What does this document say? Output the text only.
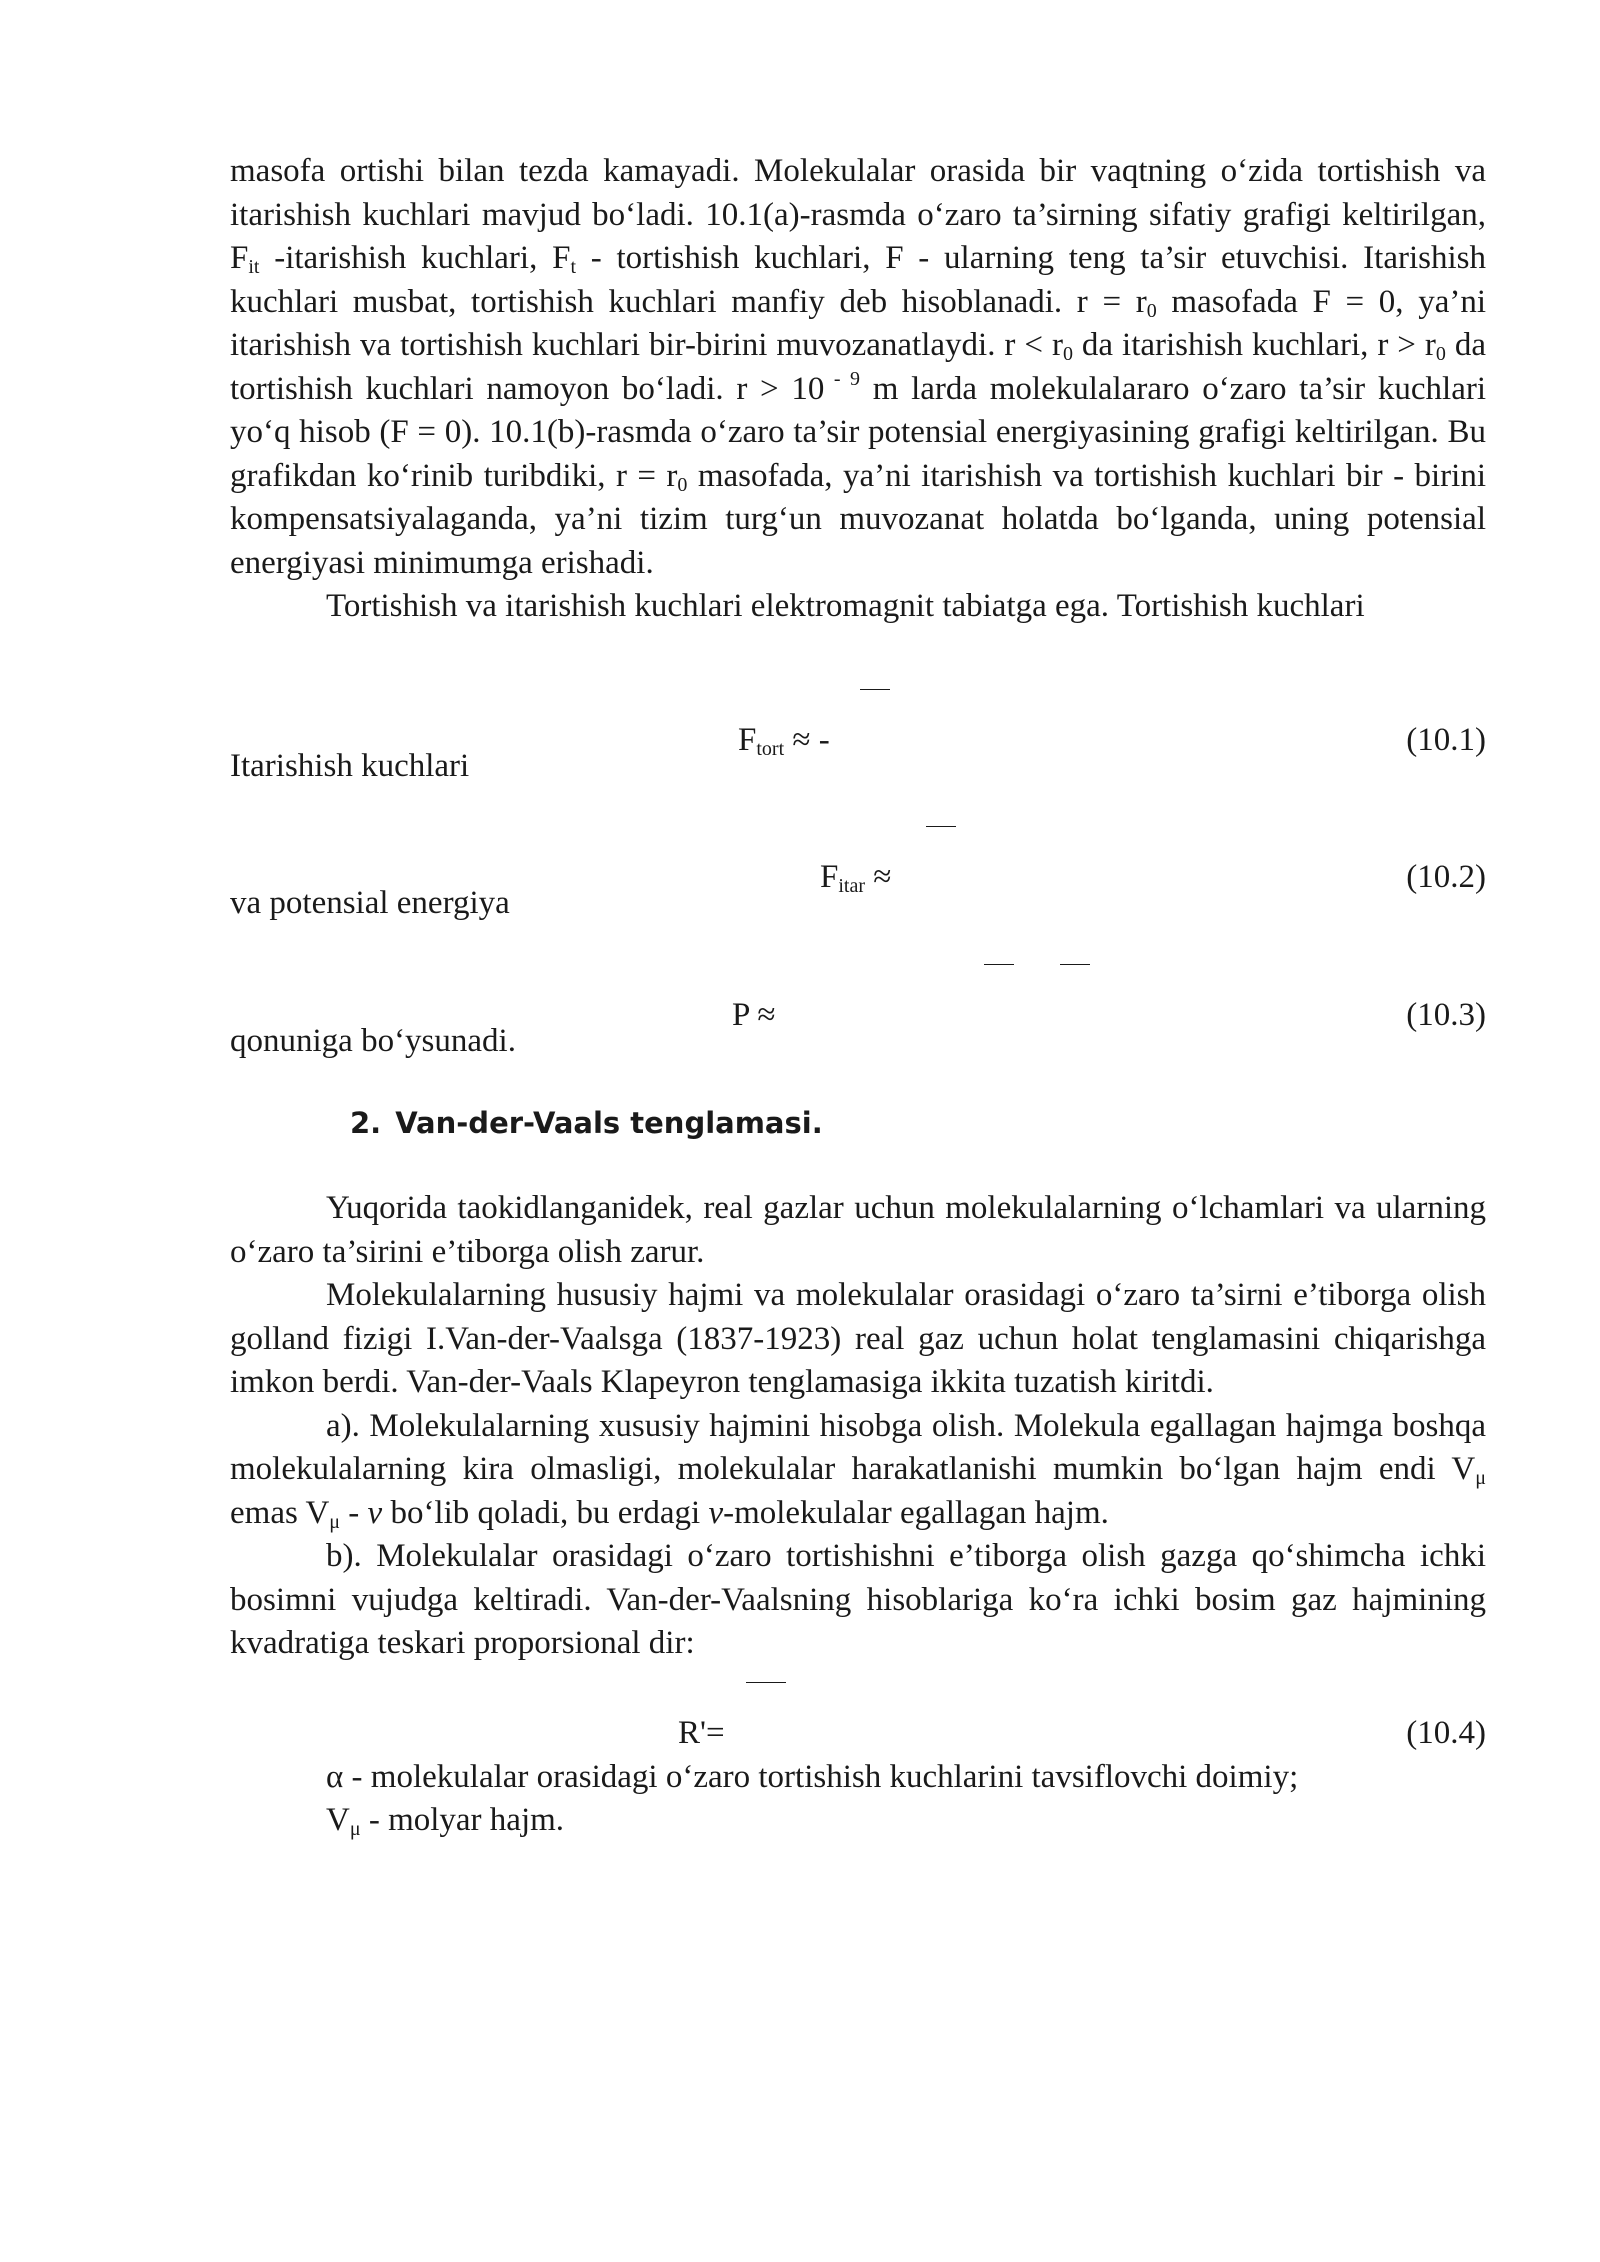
masofa ortishi bilan tezda kamayadi. Molekulalar orasida bir vaqtning o‘zida tortishish va itarishish kuchlari mavjud bo‘ladi. 10.1(a)-rasmda o‘zaro ta’sirning sifatiy grafigi keltirilgan, $F_{it}$ -itarishish kuchlari, $F_t$ - tortishish kuchlari, F - ularning teng ta’sir etuvchisi. Itarishish kuchlari musbat, tortishish kuchlari manfiy deb hisoblanadi. $r = r_0$ masofada F = 0, ya’ni itarishish va tortishish kuchlari bir-birini muvozanatlaydi. $r < r_0$ da itarishish kuchlari, $r > r_0$ da tortishish kuchlari namoyon bo‘ladi. r > 10 $^{- 9}$ m larda molekulalararo o‘zaro ta’sir kuchlari yo‘q hisob (F = 0). 10.1(b)-rasmda o‘zaro ta’sir potensial energiyasining grafigi keltirilgan. Bu grafikdan ko‘rinib turibdiki, $r = r_0$ masofada, ya’ni itarishish va tortishish kuchlari bir - birini kompensatsiyalaganda, ya’ni tizim turg‘un muvozanat holatda bo‘lganda, uning potensial energiyasi minimumga erishadi.

Tortishish va itarishish kuchlari elektromagnit tabiatga ega. Tortishish kuchlari

$F_{tort}$ ≈ -	(10.1)

Itarishish kuchlari

$F_{itar}$ ≈	(10.2)

va potensial energiya

P ≈	(10.3)

qonuniga bo‘ysunadi.

2. Van-der-Vaals tenglamasi.

Yuqorida taokidlanganidek, real gazlar uchun molekulalarning o‘lchamlari va ularning o‘zaro ta’sirini e’tiborga olish zarur.

Molekulalarning hususiy hajmi va molekulalar orasidagi o‘zaro ta’sirni e’tiborga olish golland fizigi I.Van-der-Vaalsga (1837-1923) real gaz uchun holat tenglamasini chiqarishga imkon berdi. Van-der-Vaals Klapeyron tenglamasiga ikkita tuzatish kiritdi.

a). Molekulalarning xususiy hajmini hisobga olish. Molekula egallagan hajmga boshqa molekulalarning kira olmasligi, molekulalar harakatlanishi mumkin bo‘lgan hajm endi $V_\mu$ emas $V_\mu$ - v bo‘lib qoladi, bu erdagi v-molekulalar egallagan hajm.

b). Molekulalar orasidagi o‘zaro tortishishni e’tiborga olish gazga qo‘shimcha ichki bosimni vujudga keltiradi. Van-der-Vaalsning hisoblariga ko‘ra ichki bosim gaz hajmining kvadratiga teskari proporsional dir:

R'=	(10.4)

α - molekulalar orasidagi o‘zaro tortishish kuchlarini tavsiflovchi doimiy;

$V_\mu$ - molyar hajm.
